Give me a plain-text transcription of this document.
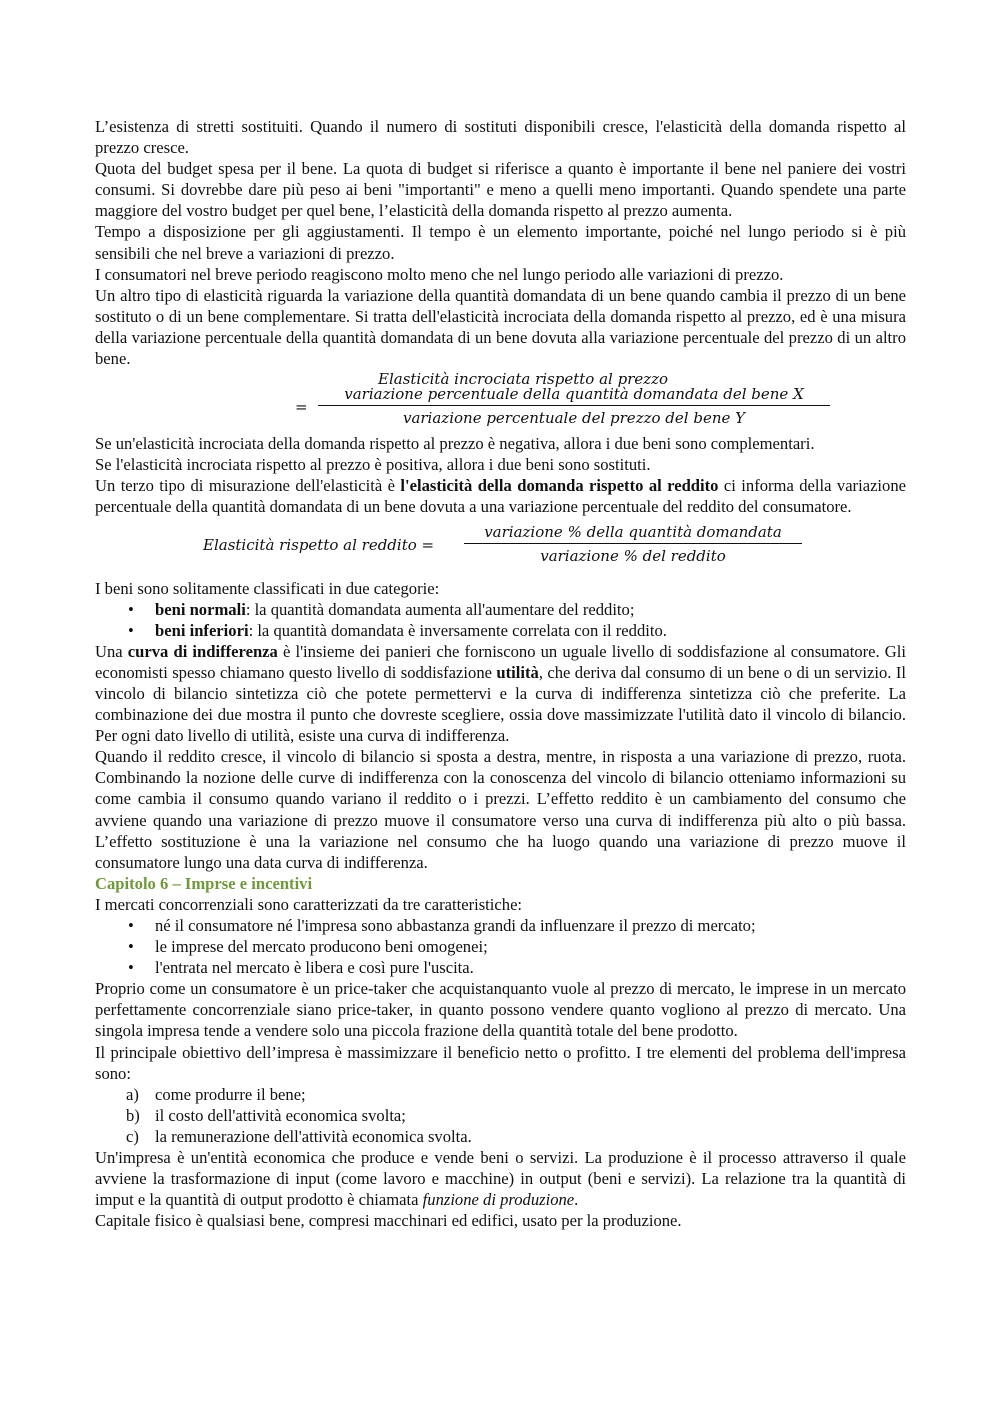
L’esistenza di stretti sostituiti. Quando il numero di sostituti disponibili cresce, l'elasticità della domanda rispetto al prezzo cresce.

Quota del budget spesa per il bene. La quota di budget si riferisce a quanto è importante il bene nel paniere dei vostri consumi. Si dovrebbe dare più peso ai beni "importanti" e meno a quelli meno importanti. Quando spendete una parte maggiore del vostro budget per quel bene, l’elasticità della domanda rispetto al prezzo aumenta.

Tempo a disposizione per gli aggiustamenti. Il tempo è un elemento importante, poiché nel lungo periodo si è più sensibili che nel breve a variazioni di prezzo.

I consumatori nel breve periodo reagiscono molto meno che nel lungo periodo alle variazioni di prezzo.

Un altro tipo di elasticità riguarda la variazione della quantità domandata di un bene quando cambia il prezzo di un bene sostituto o di un bene complementare. Si tratta dell'elasticità incrociata della domanda rispetto al prezzo, ed è una misura della variazione percentuale della quantità domandata di un bene dovuta alla variazione percentuale del prezzo di un altro bene.

Elasticità incrociata rispetto al prezzo
=
variazione percentuale della quantità domandata del bene X
variazione percentuale del prezzo del bene Y

Se un'elasticità incrociata della domanda rispetto al prezzo è negativa, allora i due beni sono complementari.

Se l'elasticità incrociata rispetto al prezzo è positiva, allora i due beni sono sostituti.

Un terzo tipo di misurazione dell'elasticità è l'elasticità della domanda rispetto al reddito ci informa della variazione percentuale della quantità domandata di un bene dovuta a una variazione percentuale del reddito del consumatore.

Elasticità rispetto al reddito =
variazione % della quantità domandata
variazione % del reddito

I beni sono solitamente classificati in due categorie:

• beni normali: la quantità domandata aumenta all'aumentare del reddito;
• beni inferiori: la quantità domandata è inversamente correlata con il reddito.

Una curva di indifferenza è l'insieme dei panieri che forniscono un uguale livello di soddisfazione al consumatore. Gli economisti spesso chiamano questo livello di soddisfazione utilità, che deriva dal consumo di un bene o di un servizio. Il vincolo di bilancio sintetizza ciò che potete permettervi e la curva di indifferenza sintetizza ciò che preferite. La combinazione dei due mostra il punto che dovreste scegliere, ossia dove massimizzate l'utilità dato il vincolo di bilancio. Per ogni dato livello di utilità, esiste una curva di indifferenza.

Quando il reddito cresce, il vincolo di bilancio si sposta a destra, mentre, in risposta a una variazione di prezzo, ruota. Combinando la nozione delle curve di indifferenza con la conoscenza del vincolo di bilancio otteniamo informazioni su come cambia il consumo quando variano il reddito o i prezzi. L’effetto reddito è un cambiamento del consumo che avviene quando una variazione di prezzo muove il consumatore verso una curva di indifferenza più alto o più bassa. L’effetto sostituzione è una la variazione nel consumo che ha luogo quando una variazione di prezzo muove il consumatore lungo una data curva di indifferenza.

Capitolo 6 – Imprse e incentivi

I mercati concorrenziali sono caratterizzati da tre caratteristiche:

• né il consumatore né l'impresa sono abbastanza grandi da influenzare il prezzo di mercato;
• le imprese del mercato producono beni omogenei;
• l'entrata nel mercato è libera e così pure l'uscita.

Proprio come un consumatore è un price-taker che acquistanquanto vuole al prezzo di mercato, le imprese in un mercato perfettamente concorrenziale siano price-taker, in quanto possono vendere quanto vogliono al prezzo di mercato. Una singola impresa tende a vendere solo una piccola frazione della quantità totale del bene prodotto.

Il principale obiettivo dell’impresa è massimizzare il beneficio netto o profitto. I tre elementi del problema dell'impresa sono:

a) come produrre il bene;
b) il costo dell'attività economica svolta;
c) la remunerazione dell'attività economica svolta.

Un'impresa è un'entità economica che produce e vende beni o servizi. La produzione è il processo attraverso il quale avviene la trasformazione di input (come lavoro e macchine) in output (beni e servizi). La relazione tra la quantità di imput e la quantità di output prodotto è chiamata funzione di produzione.

Capitale fisico è qualsiasi bene, compresi macchinari ed edifici, usato per la produzione.
